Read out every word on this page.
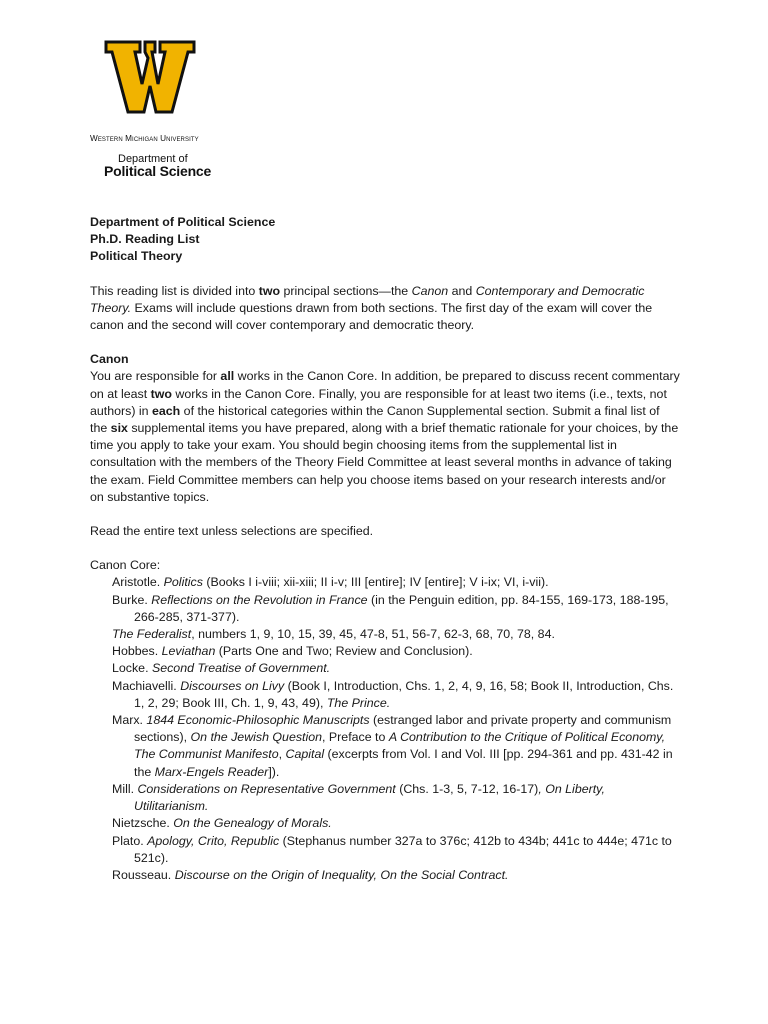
Western Michigan University
Department of
Political Science

Department of Political Science

Ph.D. Reading List

Political Theory

This reading list is divided into two principal sections—the Canon and Contemporary and Democratic Theory. Exams will include questions drawn from both sections. The first day of the exam will cover the canon and the second will cover contemporary and democratic theory.

Canon

You are responsible for all works in the Canon Core. In addition, be prepared to discuss recent commentary on at least two works in the Canon Core. Finally, you are responsible for at least two items (i.e., texts, not authors) in each of the historical categories within the Canon Supplemental section. Submit a final list of the six supplemental items you have prepared, along with a brief thematic rationale for your choices, by the time you apply to take your exam. You should begin choosing items from the supplemental list in consultation with the members of the Theory Field Committee at least several months in advance of taking the exam. Field Committee members can help you choose items based on your research interests and/or on substantive topics.

Read the entire text unless selections are specified.

Canon Core:

Aristotle. Politics (Books I i-viii; xii-xiii; II i-v; III [entire]; IV [entire]; V i-ix; VI, i-vii).
Burke. Reflections on the Revolution in France (in the Penguin edition, pp. 84-155, 169-173, 188-195, 266-285, 371-377).
The Federalist, numbers 1, 9, 10, 15, 39, 45, 47-8, 51, 56-7, 62-3, 68, 70, 78, 84.
Hobbes. Leviathan (Parts One and Two; Review and Conclusion).
Locke. Second Treatise of Government.
Machiavelli. Discourses on Livy (Book I, Introduction, Chs. 1, 2, 4, 9, 16, 58; Book II, Introduction, Chs. 1, 2, 29; Book III, Ch. 1, 9, 43, 49), The Prince.
Marx. 1844 Economic-Philosophic Manuscripts (estranged labor and private property and communism sections), On the Jewish Question, Preface to A Contribution to the Critique of Political Economy, The Communist Manifesto, Capital (excerpts from Vol. I and Vol. III [pp. 294-361 and pp. 431-42 in the Marx-Engels Reader]).
Mill. Considerations on Representative Government (Chs. 1-3, 5, 7-12, 16-17), On Liberty, Utilitarianism.
Nietzsche. On the Genealogy of Morals.
Plato. Apology, Crito, Republic (Stephanus number 327a to 376c; 412b to 434b; 441c to 444e; 471c to 521c).
Rousseau. Discourse on the Origin of Inequality, On the Social Contract.
